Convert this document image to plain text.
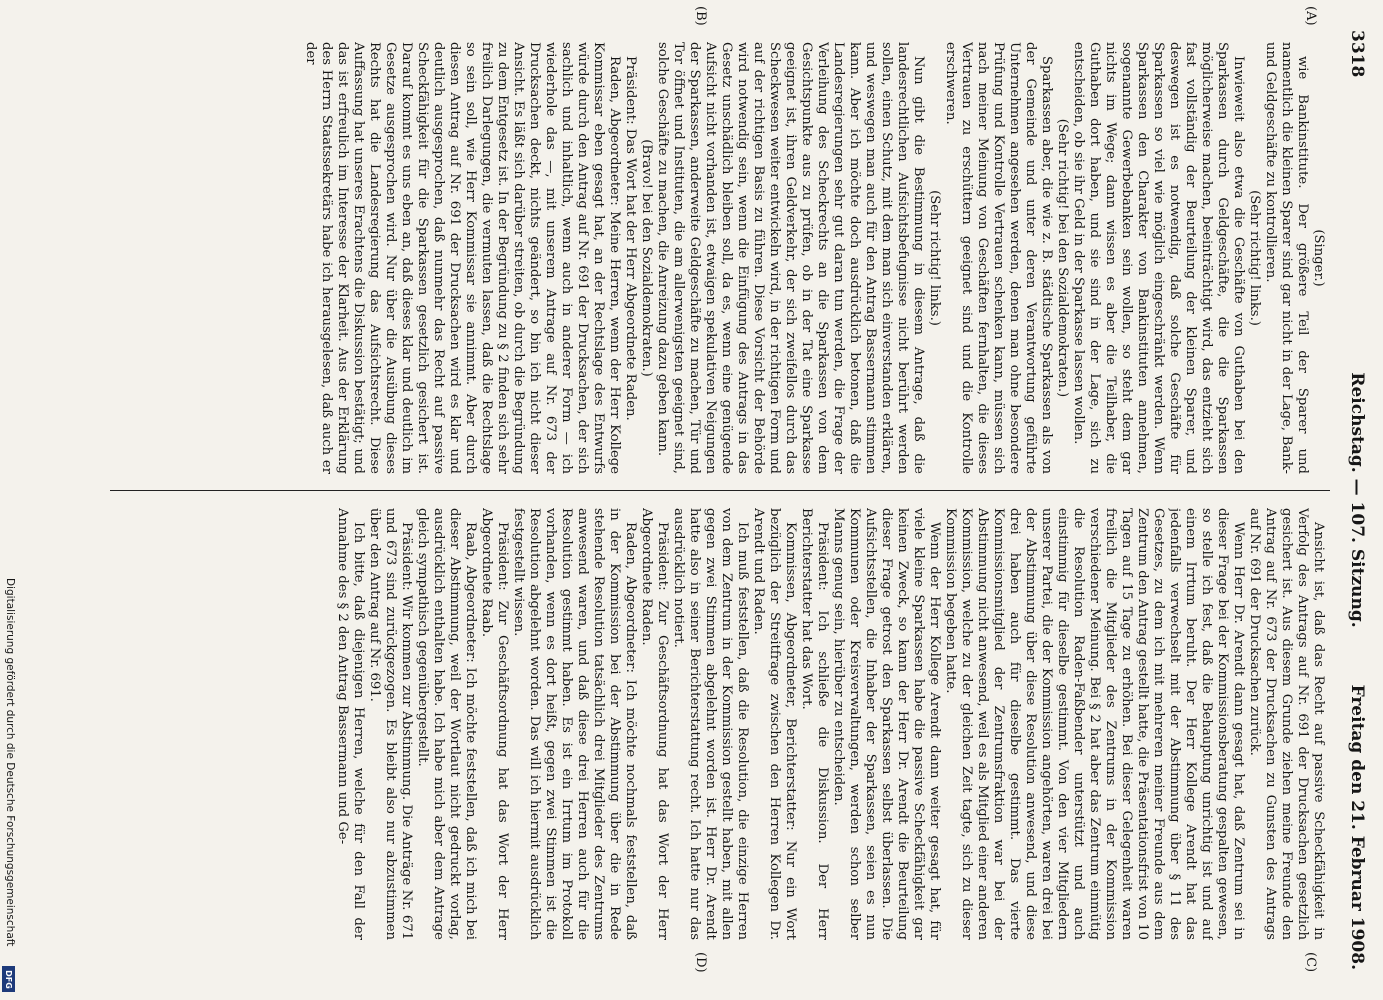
3318
Reichstag. — 107. Sitzung.
Freitag den 21. Februar 1908.
(A)
(B)
(C)
(D)

(Singer.)

wie Bankinstitute. Der größere Teil der Sparer und namentlich die kleinen Sparer sind gar nicht in der Lage, Bank- und Geldgeschäfte zu kontrollieren.

(Sehr richtig! links.)

Inwieweit also etwa die Geschäfte von Guthaben bei den Sparkassen durch Geldgeschäfte, die die Sparkassen möglicherweise machen, beeinträchtigt wird, das entzieht sich fast vollständig der Beurteilung der kleinen Sparer, und deswegen ist es notwendig, daß solche Geschäfte für Sparkassen so viel wie möglich eingeschränkt werden. Wenn Sparkassen den Charakter von Bankinstituten annehmen, sogenannte Gewerbebanken sein wollen, so steht dem gar nichts im Wege; dann wissen es aber die Teilhaber, die Guthaben dort haben, und sie sind in der Lage, sich zu entscheiden, ob sie ihr Geld in der Sparkasse lassen wollen.

(Sehr richtig! bei den Sozialdemokraten.)

Sparkassen aber, die wie z. B. städtische Sparkassen als von der Gemeinde und unter deren Verantwortung geführte Unternehmen angesehen werden, denen man ohne besondere Prüfung und Kontrolle Vertrauen schenken kann, müssen sich nach meiner Meinung von Geschäften fernhalten, die dieses Vertrauen zu erschüttern geeignet sind und die Kontrolle erschweren.

(Sehr richtig! links.)

Nun gibt die Bestimmung in diesem Antrage, daß die landesrechtlichen Aufsichtsbefugnisse nicht berührt werden sollen, einen Schutz, mit dem man sich einverstanden erklären, und weswegen man auch für den Antrag Bassermann stimmen kann. Aber ich möchte doch ausdrücklich betonen, daß die Landesregierungen sehr gut daran tun werden, die Frage der Verleihung des Scheckrechts an die Sparkassen von dem Gesichtspunkte aus zu prüfen, ob in der Tat eine Sparkasse geeignet ist, ihren Geldverkehr, der sich zweifellos durch das Scheckwesen weiter entwickeln wird, in der richtigen Form und auf der richtigen Basis zu führen. Diese Vorsicht der Behörde wird notwendig sein, wenn die Einfügung des Antrags in das Gesetz unschädlich bleiben soll, da es, wenn eine genügende Aufsicht nicht vorhanden ist, etwaigen spekulativen Neigungen der Sparkassen, anderweite Geldgeschäfte zu machen, Tür und Tor öffnet und Instituten, die am allerwenigsten geeignet sind, solche Geschäfte zu machen, die Anreizung dazu geben kann.

(Bravo! bei den Sozialdemokraten.)

Präsident: Das Wort hat der Herr Abgeordnete Raden.

Raden, Abgeordneter: Meine Herren, wenn der Herr Kollege Kommissar eben gesagt hat, an der Rechtslage des Entwurfs würde durch den Antrag auf Nr. 691 der Drucksachen, der sich sachlich und inhaltlich, wenn auch in anderer Form — ich wiederhole das —, mit unserem Antrage auf Nr. 673 der Drucksachen deckt, nichts geändert, so bin ich nicht dieser Ansicht. Es läßt sich darüber streiten, ob durch die Begründung zu dem Entgesetz ist. In der Begründung zu § 2 finden sich sehr freilich Darlegungen, die vermuten lassen, daß die Rechtslage so sein soll, wie Herr Kommissar sie annimmt. Aber durch diesen Antrag auf Nr. 691 der Drucksachen wird es klar und deutlich ausgesprochen, daß nunmehr das Recht auf passive Scheckfähigkeit für die Sparkassen gesetzlich gesichert ist. Darauf kommt es uns eben an, daß dieses klar und deutlich im Gesetze ausgesprochen wird. Nur über die Ausübung dieses Rechts hat die Landesregierung das Aufsichtsrecht. Diese Auffassung hat unseres Erachtens die Diskussion bestätigt; und das ist erfreulich im Interesse der Klarheit. Aus der Erklärung des Herrn Staatssekretärs habe ich herausgelesen, daß auch er der

Ansicht ist, daß das Recht auf passive Scheckfähigkeit in Verfolg des Antrags auf Nr. 691 der Drucksachen gesetzlich gesichert ist. Aus diesem Grunde ziehen meine Freunde den Antrag auf Nr. 673 der Drucksachen zu Gunsten des Antrags auf Nr. 691 der Drucksachen zurück.

Wenn Herr Dr. Arendt dann gesagt hat, daß Zentrum sei in dieser Frage bei der Kommissionsberatung gespalten gewesen, so stelle ich fest, daß die Behauptung unrichtig ist und auf einem Irrtum beruht. Der Herr Kollege Arendt hat das jedenfalls verwechselt mit der Abstimmung über § 11 des Gesetzes, zu dem ich mit mehreren meiner Freunde aus dem Zentrum den Antrag gestellt hatte, die Präsentationsfrist von 10 Tagen auf 15 Tage zu erhöhen. Bei dieser Gelegenheit waren freilich die Mitglieder des Zentrums in der Kommission verschiedener Meinung. Bei § 2 hat aber das Zentrum einmütig die Resolution Raden-Faßbender unterstützt und auch einstimmig für dieselbe gestimmt. Von den vier Mitgliedern unserer Partei, die der Kommission angehörten, waren drei bei der Abstimmung über diese Resolution anwesend, und diese drei haben auch für dieselbe gestimmt. Das vierte Kommissionsmitglied der Zentrumsfraktion war bei der Abstimmung nicht anwesend, weil es als Mitglied einer anderen Kommission, welche zu der gleichen Zeit tagte, sich zu dieser Kommission begeben hatte.

Wenn der Herr Kollege Arendt dann weiter gesagt hat, für viele kleine Sparkassen habe die passive Scheckfähigkeit gar keinen Zweck, so kann der Herr Dr. Arendt die Beurteilung dieser Frage getrost den Sparkassen selbst überlassen. Die Aufsichtsstellen, die Inhaber der Sparkassen, seien es nun Kommunen oder Kreisverwaltungen, werden schon selber Manns genug sein, hierüber zu entscheiden.

Präsident: Ich schließe die Diskussion. Der Herr Berichterstatter hat das Wort.

Kommissen, Abgeordneter, Berichterstatter: Nur ein Wort bezüglich der Streitfrage zwischen den Herren Kollegen Dr. Arendt und Raden.

Ich muß feststellen, daß die Resolution, die einzige Herren von dem Zentrum in der Kommission gestellt haben, mit allen gegen zwei Stimmen abgelehnt worden ist. Herr Dr. Arendt hatte also in seiner Berichterstattung recht. Ich hatte nur das ausdrücklich notiert.

Präsident: Zur Geschäftsordnung hat das Wort der Herr Abgeordnete Raden.

Raden, Abgeordneter: Ich möchte nochmals feststellen, daß in der Kommission bei der Abstimmung über die in Rede stehende Resolution tatsächlich drei Mitglieder des Zentrums anwesend waren, und daß diese drei Herren auch für die Resolution gestimmt haben. Es ist ein Irrtum im Protokoll vorhanden, wenn es dort heißt, gegen zwei Stimmen ist die Resolution abgelehnt worden. Das will ich hiermit ausdrücklich festgestellt wissen.

Präsident: Zur Geschäftsordnung hat das Wort der Herr Abgeordnete Raab.

Raab, Abgeordneter: Ich möchte feststellen, daß ich mich bei dieser Abstimmung, weil der Wortlaut nicht gedruckt vorlag, ausdrücklich enthalten habe. Ich habe mich aber dem Antrage gleich sympathisch gegenübergestellt.

Präsident: Wir kommen zur Abstimmung. Die Anträge Nr. 671 und 673 sind zurückgezogen. Es bleibt also nur abzustimmen über den Antrag auf Nr. 691.

Ich bitte, daß diejenigen Herren, welche für den Fall der Annahme des § 2 den Antrag Bassermann und Ge-

Digitalisierung gefördert durch die Deutsche Forschungsgemeinschaft
DFG
